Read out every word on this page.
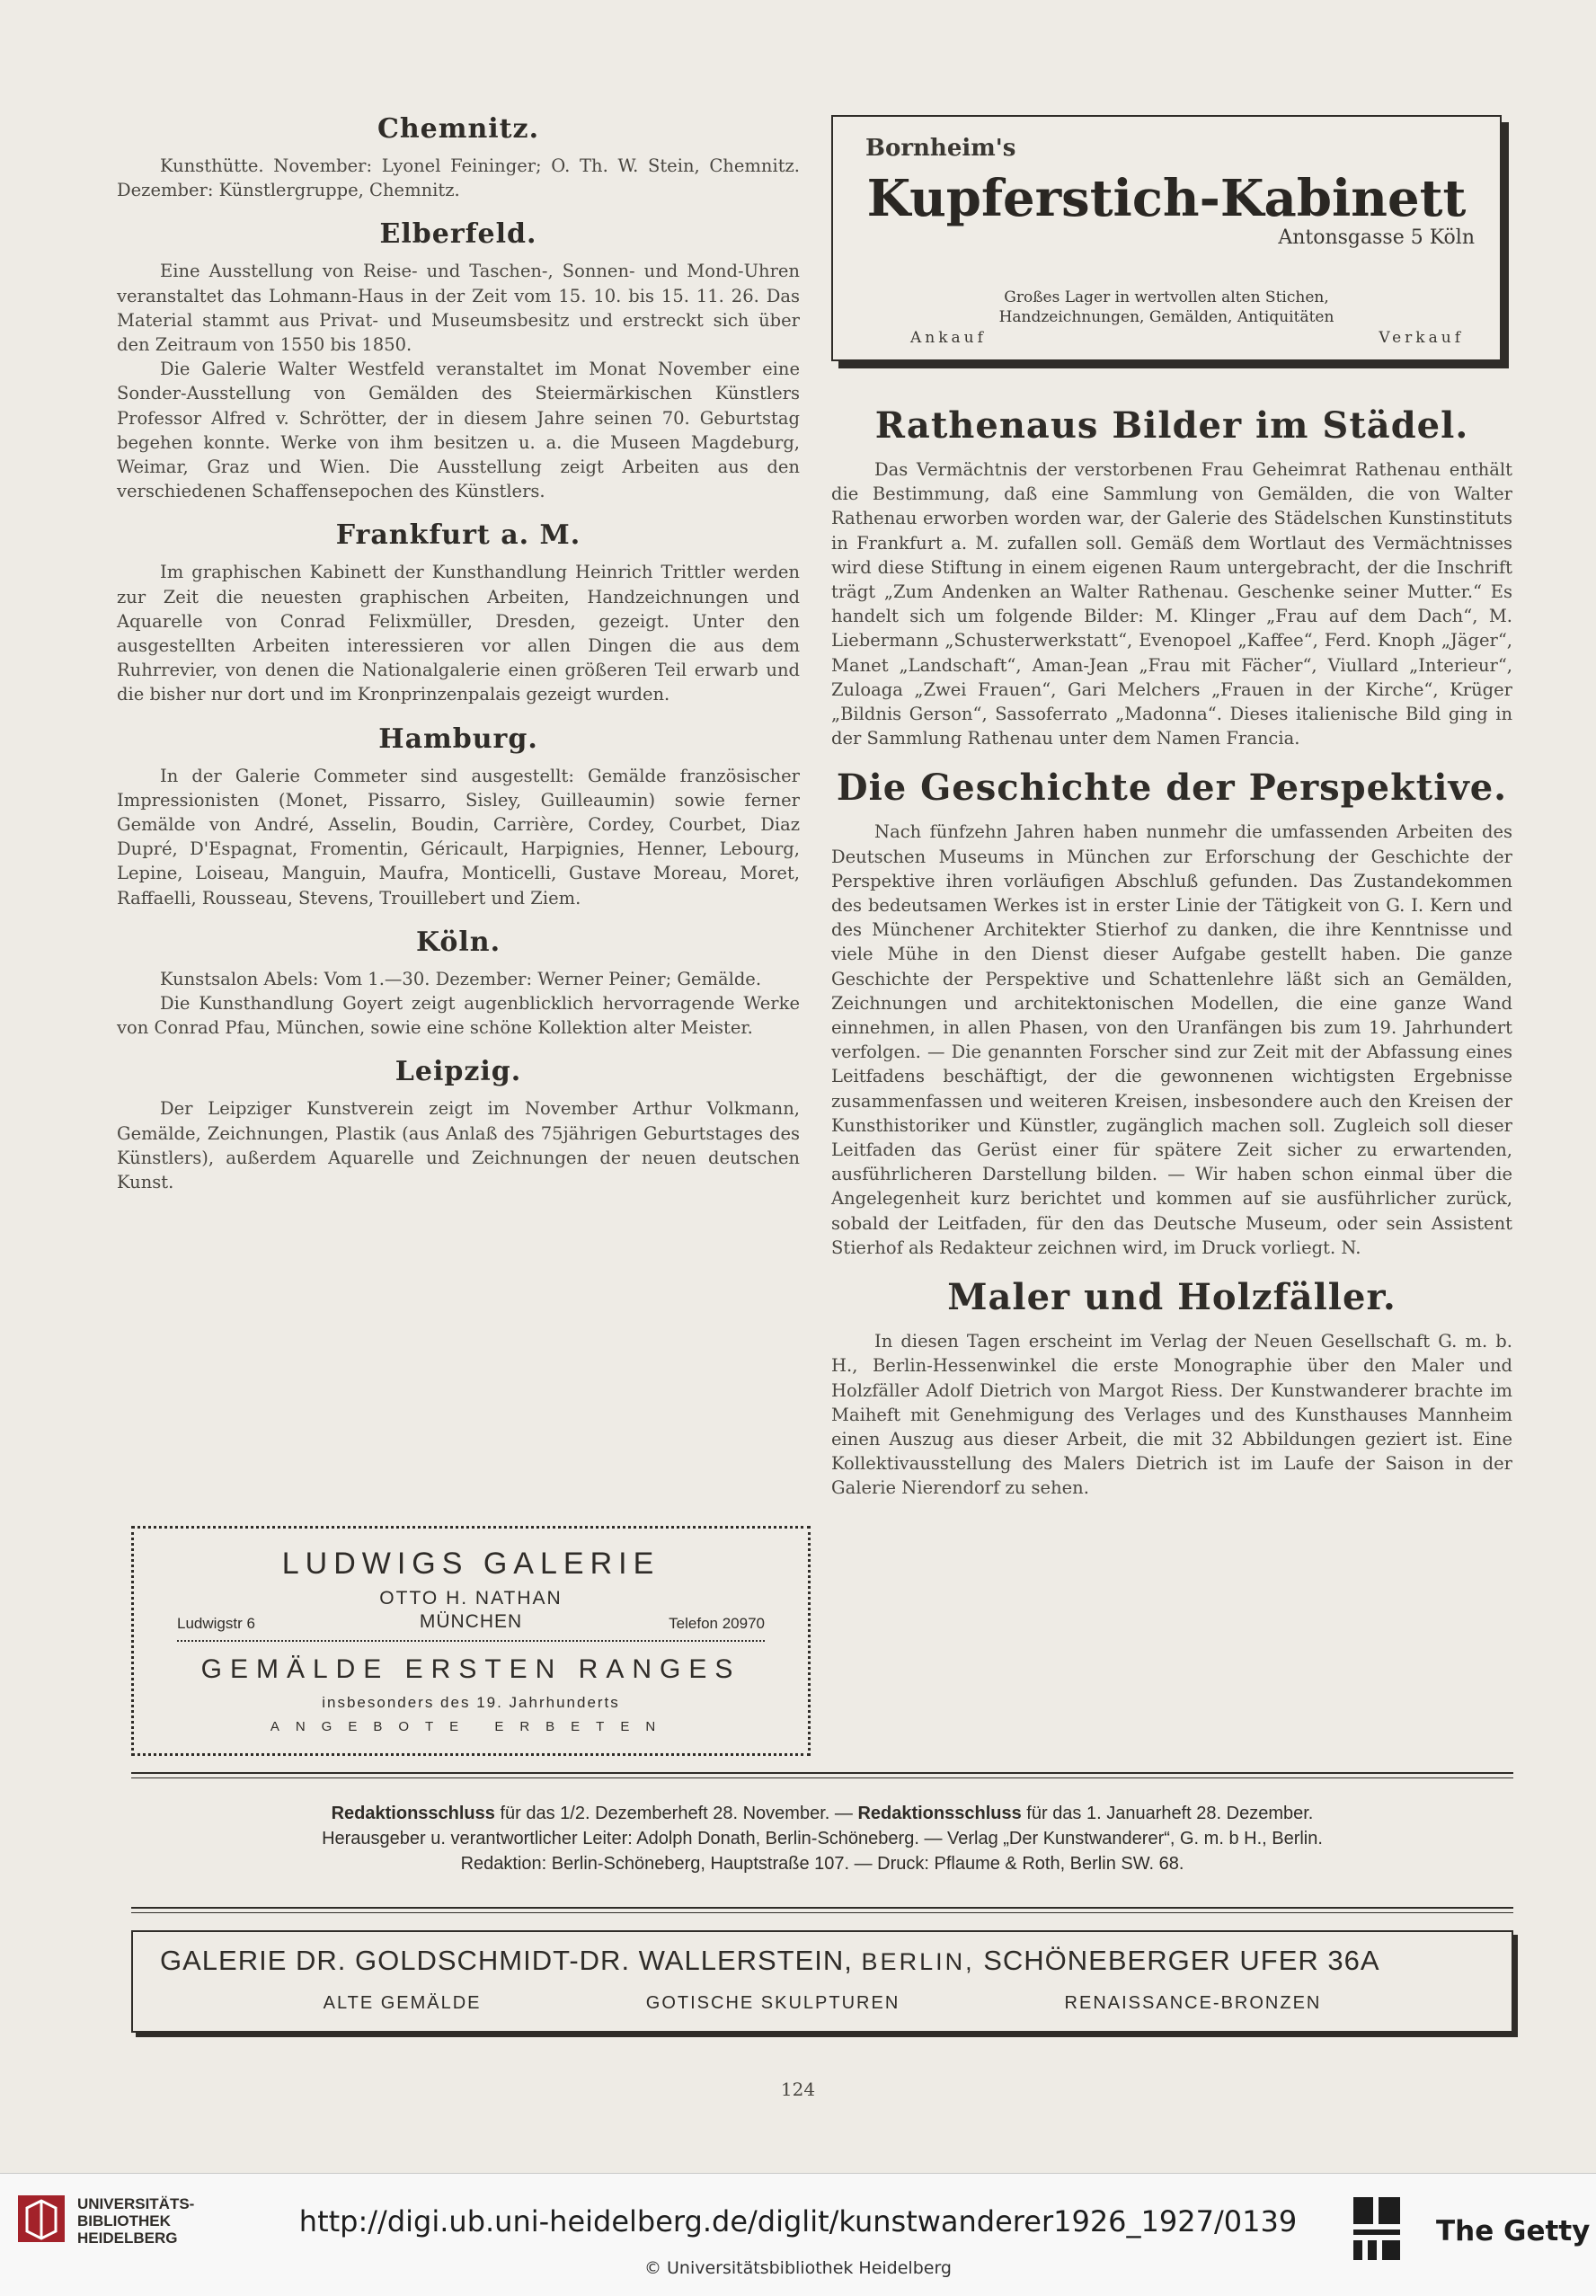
Chemnitz.

Kunsthütte. November: Lyonel Feininger; O. Th. W. Stein, Chemnitz. Dezember: Künstlergruppe, Chemnitz.

Elberfeld.

Eine Ausstellung von Reise- und Taschen-, Sonnen- und Mond-Uhren veranstaltet das Lohmann-Haus in der Zeit vom 15. 10. bis 15. 11. 26. Das Material stammt aus Privat- und Museumsbesitz und erstreckt sich über den Zeitraum von 1550 bis 1850.

Die Galerie Walter Westfeld veranstaltet im Monat November eine Sonder-Ausstellung von Gemälden des Steiermärkischen Künstlers Professor Alfred v. Schrötter, der in diesem Jahre seinen 70. Geburtstag begehen konnte. Werke von ihm besitzen u. a. die Museen Magdeburg, Weimar, Graz und Wien. Die Ausstellung zeigt Arbeiten aus den verschiedenen Schaffensepochen des Künstlers.

Frankfurt a. M.

Im graphischen Kabinett der Kunsthandlung Heinrich Trittler werden zur Zeit die neuesten graphischen Arbeiten, Handzeichnungen und Aquarelle von Conrad Felixmüller, Dresden, gezeigt. Unter den ausgestellten Arbeiten interessieren vor allen Dingen die aus dem Ruhrrevier, von denen die Nationalgalerie einen größeren Teil erwarb und die bisher nur dort und im Kronprinzenpalais gezeigt wurden.

Hamburg.

In der Galerie Commeter sind ausgestellt: Gemälde französischer Impressionisten (Monet, Pissarro, Sisley, Guilleaumin) sowie ferner Gemälde von André, Asselin, Boudin, Carrière, Cordey, Courbet, Diaz Dupré, D'Espagnat, Fromentin, Géricault, Harpignies, Henner, Lebourg, Lepine, Loiseau, Manguin, Maufra, Monticelli, Gustave Moreau, Moret, Raffaelli, Rousseau, Stevens, Trouillebert und Ziem.

Köln.

Kunstsalon Abels: Vom 1.—30. Dezember: Werner Peiner; Gemälde.

Die Kunsthandlung Goyert zeigt augenblicklich hervorragende Werke von Conrad Pfau, München, sowie eine schöne Kollektion alter Meister.

Leipzig.

Der Leipziger Kunstverein zeigt im November Arthur Volkmann, Gemälde, Zeichnungen, Plastik (aus Anlaß des 75jährigen Geburtstages des Künstlers), außerdem Aquarelle und Zeichnungen der neuen deutschen Kunst.

Bornheim's
Kupferstich-Kabinett
Antonsgasse 5 Köln
Großes Lager in wertvollen alten Stichen,
Handzeichnungen, Gemälden, Antiquitäten
Ankauf	Verkauf
Rathenaus Bilder im Städel.

Das Vermächtnis der verstorbenen Frau Geheimrat Rathenau enthält die Bestimmung, daß eine Sammlung von Gemälden, die von Walter Rathenau erworben worden war, der Galerie des Städelschen Kunstinstituts in Frankfurt a. M. zufallen soll. Gemäß dem Wortlaut des Vermächtnisses wird diese Stiftung in einem eigenen Raum untergebracht, der die Inschrift trägt „Zum Andenken an Walter Rathenau. Geschenke seiner Mutter.“ Es handelt sich um folgende Bilder: M. Klinger „Frau auf dem Dach“, M. Liebermann „Schusterwerkstatt“, Evenopoel „Kaffee“, Ferd. Knoph „Jäger“, Manet „Landschaft“, Aman-Jean „Frau mit Fächer“, Viullard „Interieur“, Zuloaga „Zwei Frauen“, Gari Melchers „Frauen in der Kirche“, Krüger „Bildnis Gerson“, Sassoferrato „Madonna“. Dieses italienische Bild ging in der Sammlung Rathenau unter dem Namen Francia.

Die Geschichte der Perspektive.

Nach fünfzehn Jahren haben nunmehr die umfassenden Arbeiten des Deutschen Museums in München zur Erforschung der Geschichte der Perspektive ihren vorläufigen Abschluß gefunden. Das Zustandekommen des bedeutsamen Werkes ist in erster Linie der Tätigkeit von G. I. Kern und des Münchener Architekter Stierhof zu danken, die ihre Kenntnisse und viele Mühe in den Dienst dieser Aufgabe gestellt haben. Die ganze Geschichte der Perspektive und Schattenlehre läßt sich an Gemälden, Zeichnungen und architektonischen Modellen, die eine ganze Wand einnehmen, in allen Phasen, von den Uranfängen bis zum 19. Jahrhundert verfolgen. — Die genannten Forscher sind zur Zeit mit der Abfassung eines Leitfadens beschäftigt, der die gewonnenen wichtigsten Ergebnisse zusammenfassen und weiteren Kreisen, insbesondere auch den Kreisen der Kunsthistoriker und Künstler, zugänglich machen soll. Zugleich soll dieser Leitfaden das Gerüst einer für spätere Zeit sicher zu erwartenden, ausführlicheren Darstellung bilden. — Wir haben schon einmal über die Angelegenheit kurz berichtet und kommen auf sie ausführlicher zurück, sobald der Leitfaden, für den das Deutsche Museum, oder sein Assistent Stierhof als Redakteur zeichnen wird, im Druck vorliegt. N.

Maler und Holzfäller.

In diesen Tagen erscheint im Verlag der Neuen Gesellschaft G. m. b. H., Berlin-Hessenwinkel die erste Monographie über den Maler und Holzfäller Adolf Dietrich von Margot Riess. Der Kunstwanderer brachte im Maiheft mit Genehmigung des Verlages und des Kunsthauses Mannheim einen Auszug aus dieser Arbeit, die mit 32 Abbildungen geziert ist. Eine Kollektivausstellung des Malers Dietrich ist im Laufe der Saison in der Galerie Nierendorf zu sehen.

LUDWIGS GALERIE
OTTO H. NATHAN
Ludwigstr 6	MÜNCHEN	Telefon 20970
GEMÄLDE ERSTEN RANGES
insbesonders des 19. Jahrhunderts
ANGEBOTE ERBETEN
Redaktionsschluss für das 1/2. Dezemberheft 28. November. — Redaktionsschluss für das 1. Januarheft 28. Dezember.
Herausgeber u. verantwortlicher Leiter: Adolph Donath, Berlin-Schöneberg. — Verlag „Der Kunstwanderer“, G. m. b H., Berlin.
Redaktion: Berlin-Schöneberg, Hauptstraße 107. — Druck: Pflaume & Roth, Berlin SW. 68.
GALERIE DR. GOLDSCHMIDT-DR. WALLERSTEIN, BERLIN, SCHÖNEBERGER UFER 36A
ALTE GEMÄLDE	GOTISCHE SKULPTUREN	RENAISSANCE-BRONZEN
124
UNIVERSITÄTS-
BIBLIOTHEK
HEIDELBERG	http://digi.ub.uni-heidelberg.de/diglit/kunstwanderer1926_1927/0139
© Universitätsbibliothek Heidelberg
The Getty
